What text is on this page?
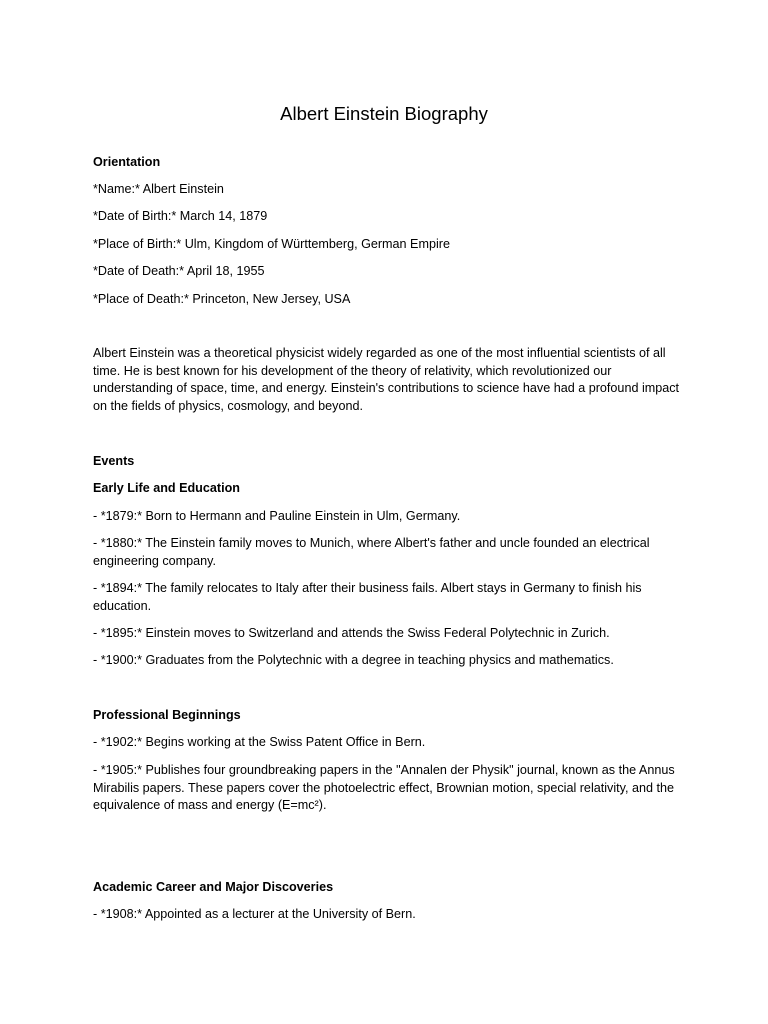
Albert Einstein Biography

Orientation

*Name:* Albert Einstein

*Date of Birth:* March 14, 1879

*Place of Birth:* Ulm, Kingdom of Württemberg, German Empire

*Date of Death:* April 18, 1955

*Place of Death:* Princeton, New Jersey, USA

Albert Einstein was a theoretical physicist widely regarded as one of the most influential scientists of all time. He is best known for his development of the theory of relativity, which revolutionized our understanding of space, time, and energy. Einstein's contributions to science have had a profound impact on the fields of physics, cosmology, and beyond.

Events

Early Life and Education

- *1879:* Born to Hermann and Pauline Einstein in Ulm, Germany.

- *1880:* The Einstein family moves to Munich, where Albert's father and uncle founded an electrical engineering company.

- *1894:* The family relocates to Italy after their business fails. Albert stays in Germany to finish his education.

- *1895:* Einstein moves to Switzerland and attends the Swiss Federal Polytechnic in Zurich.

- *1900:* Graduates from the Polytechnic with a degree in teaching physics and mathematics.

Professional Beginnings

- *1902:* Begins working at the Swiss Patent Office in Bern.

- *1905:* Publishes four groundbreaking papers in the "Annalen der Physik" journal, known as the Annus Mirabilis papers. These papers cover the photoelectric effect, Brownian motion, special relativity, and the equivalence of mass and energy (E=mc²).

Academic Career and Major Discoveries

- *1908:* Appointed as a lecturer at the University of Bern.
